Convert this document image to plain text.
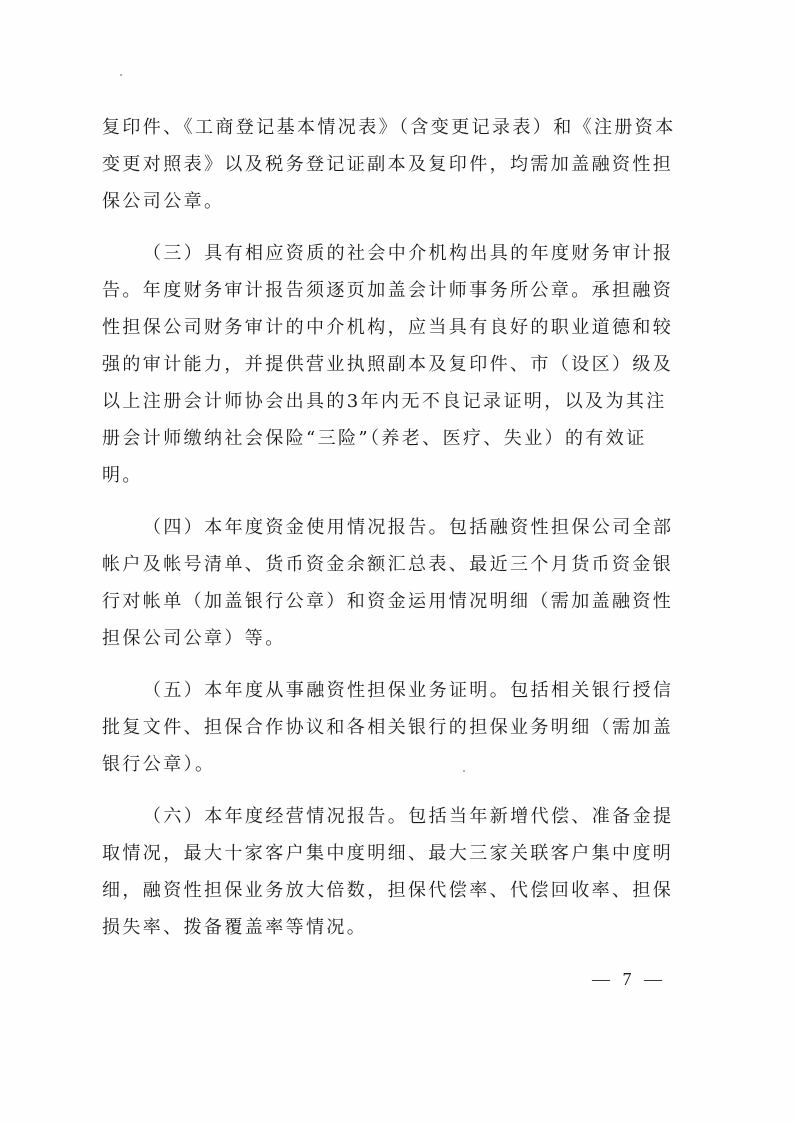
复印件、《工商登记基本情况表》（含变更记录表）和《注册资本
变更对照表》以及税务登记证副本及复印件，均需加盖融资性担
保公司公章。
（三）具有相应资质的社会中介机构出具的年度财务审计报
告。年度财务审计报告须逐页加盖会计师事务所公章。承担融资
性担保公司财务审计的中介机构，应当具有良好的职业道德和较
强的审计能力，并提供营业执照副本及复印件、市（设区）级及
以上注册会计师协会出具的3年内无不良记录证明，以及为其注
册会计师缴纳社会保险“三险”（养老、医疗、失业）的有效证
明。
（四）本年度资金使用情况报告。包括融资性担保公司全部
帐户及帐号清单、货币资金余额汇总表、最近三个月货币资金银
行对帐单（加盖银行公章）和资金运用情况明细（需加盖融资性
担保公司公章）等。
（五）本年度从事融资性担保业务证明。包括相关银行授信
批复文件、担保合作协议和各相关银行的担保业务明细（需加盖
银行公章）。
（六）本年度经营情况报告。包括当年新增代偿、准备金提
取情况，最大十家客户集中度明细、最大三家关联客户集中度明
细，融资性担保业务放大倍数，担保代偿率、代偿回收率、担保
损失率、拨备覆盖率等情况。
— 7 —
